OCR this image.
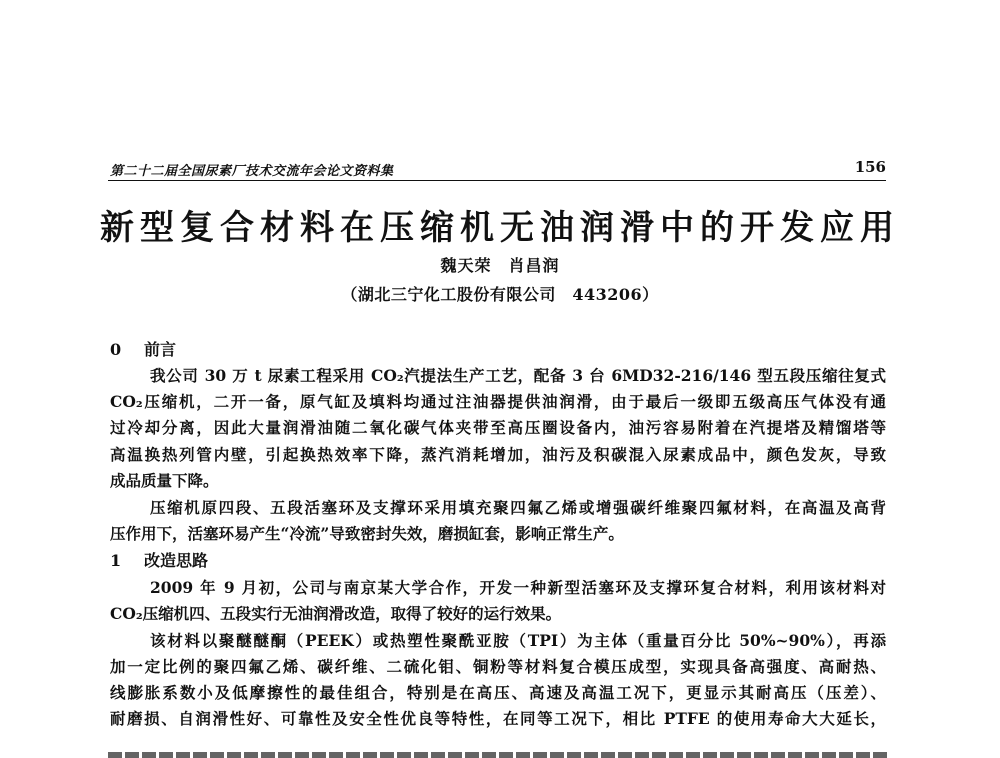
第二十二届全国尿素厂技术交流年会论文资料集	156
新型复合材料在压缩机无油润滑中的开发应用
魏天荣　肖昌润
（湖北三宁化工股份有限公司　443206）
0 前言
我公司 30 万 t 尿素工程采用 CO₂汽提法生产工艺，配备 3 台 6MD32-216/146 型五段压缩往复式
CO₂压缩机，二开一备，原气缸及填料均通过注油器提供油润滑，由于最后一级即五级高压气体没有通
过冷却分离，因此大量润滑油随二氧化碳气体夹带至高压圈设备内，油污容易附着在汽提塔及精馏塔等
高温换热列管内壁，引起换热效率下降，蒸汽消耗增加，油污及积碳混入尿素成品中，颜色发灰，导致
成品质量下降。
压缩机原四段、五段活塞环及支撑环采用填充聚四氟乙烯或增强碳纤维聚四氟材料，在高温及高背
压作用下，活塞环易产生“冷流”导致密封失效，磨损缸套，影响正常生产。
1 改造思路
2009 年 9 月初，公司与南京某大学合作，开发一种新型活塞环及支撑环复合材料，利用该材料对
CO₂压缩机四、五段实行无油润滑改造，取得了较好的运行效果。
该材料以聚醚醚酮（PEEK）或热塑性聚酰亚胺（TPI）为主体（重量百分比 50%~90%），再添
加一定比例的聚四氟乙烯、碳纤维、二硫化钼、铜粉等材料复合模压成型，实现具备高强度、高耐热、
线膨胀系数小及低摩擦性的最佳组合，特别是在高压、高速及高温工况下，更显示其耐高压（压差）、
耐磨损、自润滑性好、可靠性及安全性优良等特性，在同等工况下，相比 PTFE 的使用寿命大大延长，
